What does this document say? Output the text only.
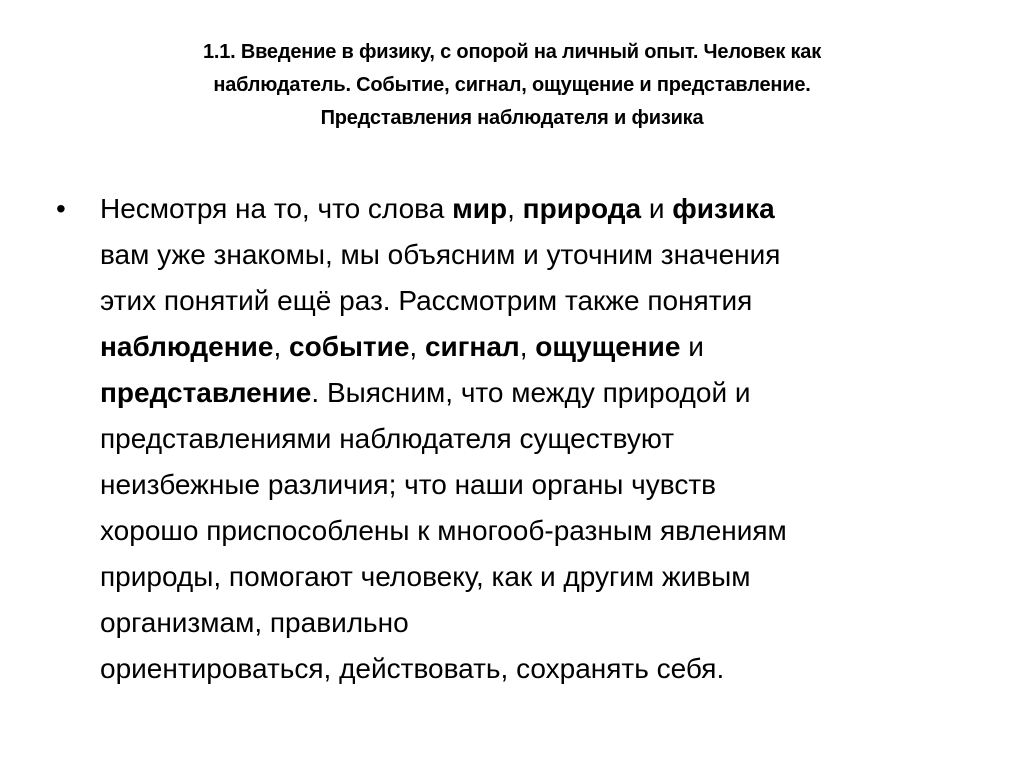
1.1. Введение в физику, с опорой на личный опыт. Человек как
наблюдатель. Событие, сигнал, ощущение и представление.
Представления наблюдателя и физика
•	Несмотря на то, что слова мир, природа и физика
вам уже знакомы, мы объясним и уточним значения
этих понятий ещё раз. Рассмотрим также понятия
наблюдение, событие, сигнал, ощущение и
представление. Выясним, что между природой и
представлениями наблюдателя существуют
неизбежные различия; что наши органы чувств
хорошо приспособлены к многооб-разным явлениям
природы, помогают человеку, как и другим живым
организмам, правильно
ориентироваться, действовать, сохранять себя.
